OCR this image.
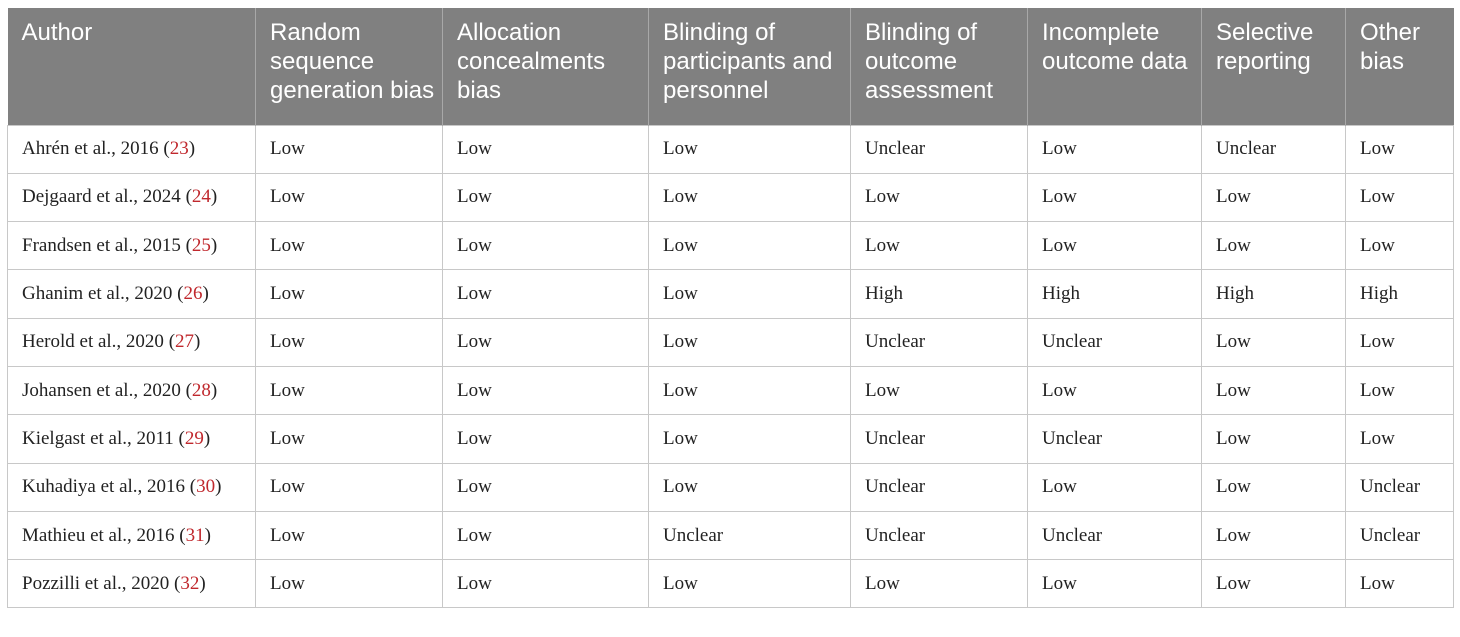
Author	Random sequence generation bias	Allocation concealments bias	Blinding of participants and personnel	Blinding of outcome assessment	Incomplete outcome data	Selective reporting	Other bias
Ahrén et al., 2016 (23)	Low	Low	Low	Unclear	Low	Unclear	Low
Dejgaard et al., 2024 (24)	Low	Low	Low	Low	Low	Low	Low
Frandsen et al., 2015 (25)	Low	Low	Low	Low	Low	Low	Low
Ghanim et al., 2020 (26)	Low	Low	Low	High	High	High	High
Herold et al., 2020 (27)	Low	Low	Low	Unclear	Unclear	Low	Low
Johansen et al., 2020 (28)	Low	Low	Low	Low	Low	Low	Low
Kielgast et al., 2011 (29)	Low	Low	Low	Unclear	Unclear	Low	Low
Kuhadiya et al., 2016 (30)	Low	Low	Low	Unclear	Low	Low	Unclear
Mathieu et al., 2016 (31)	Low	Low	Unclear	Unclear	Unclear	Low	Unclear
Pozzilli et al., 2020 (32)	Low	Low	Low	Low	Low	Low	Low
